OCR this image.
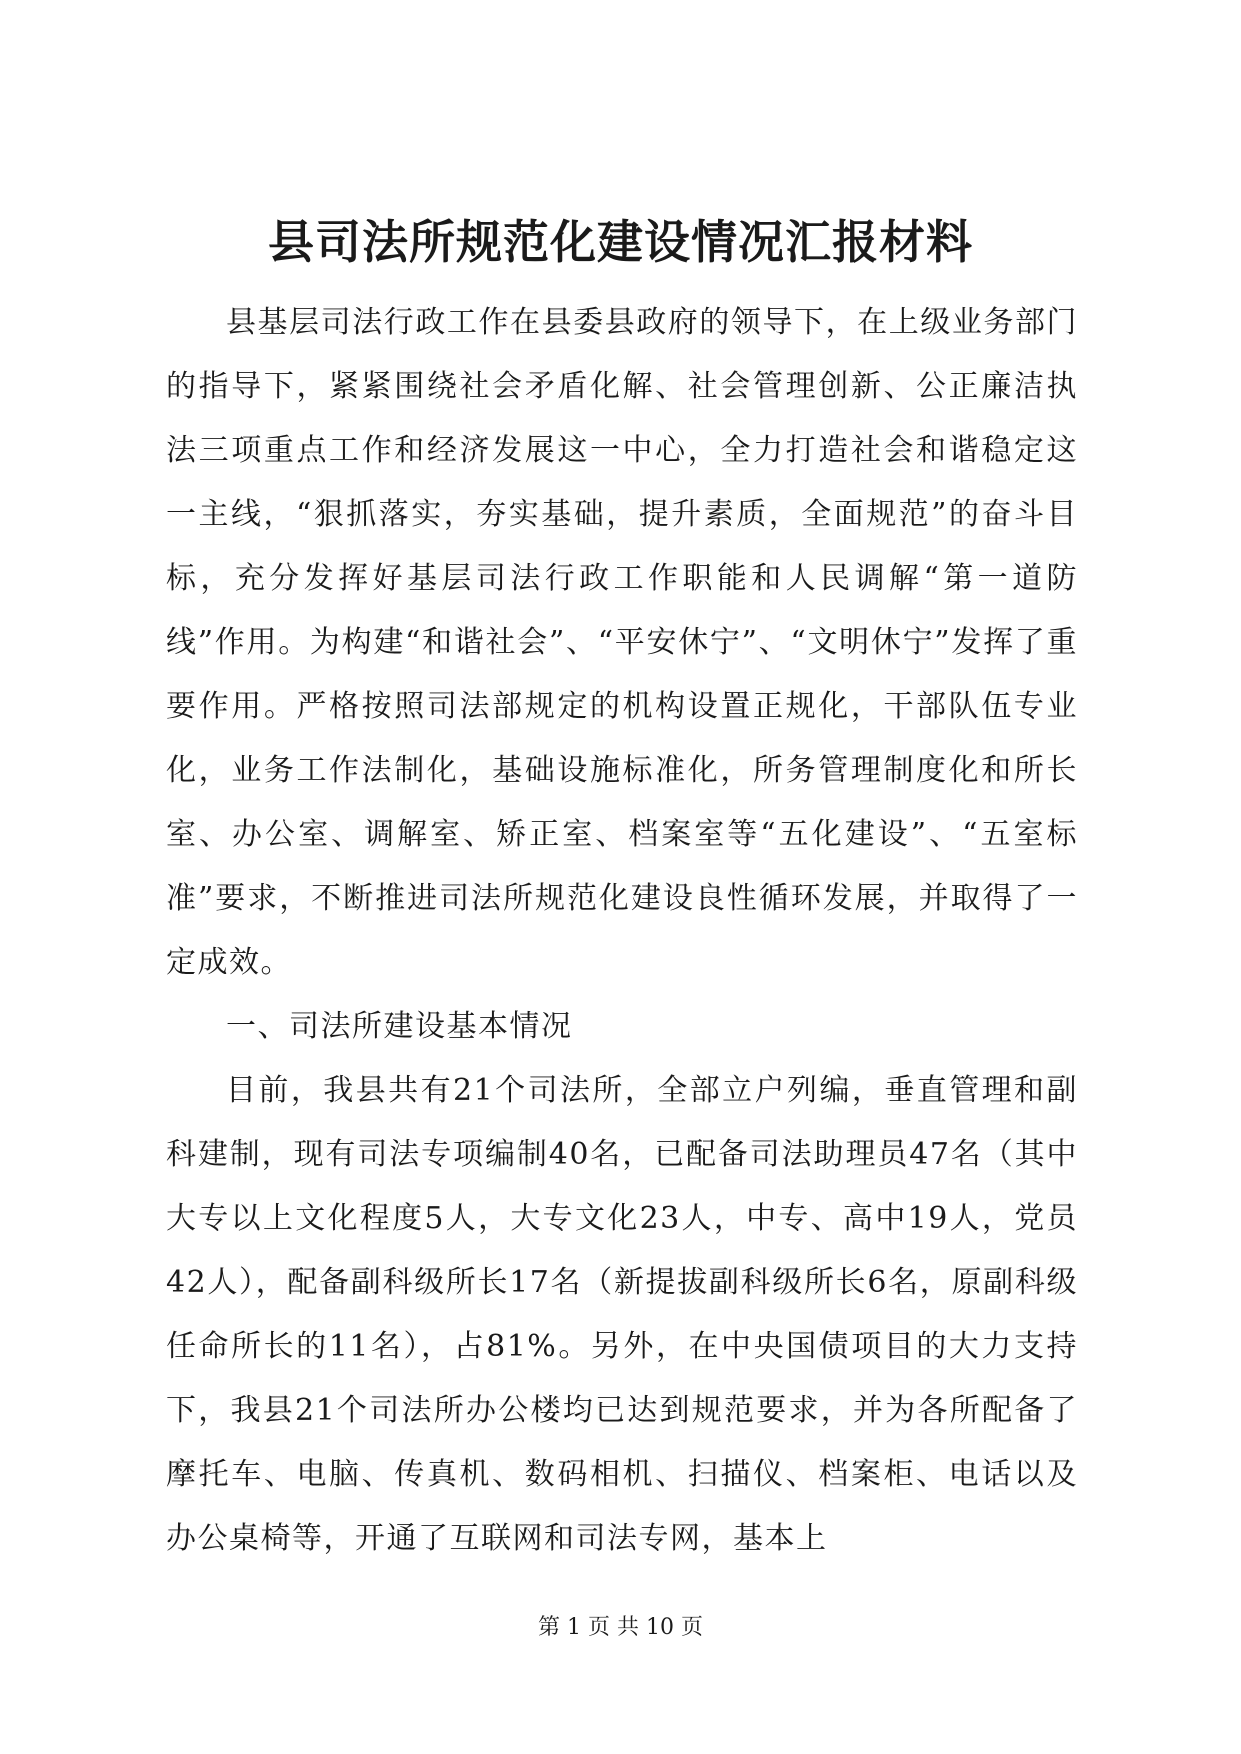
县司法所规范化建设情况汇报材料

县基层司法行政工作在县委县政府的领导下，在上级业务部门的指导下，紧紧围绕社会矛盾化解、社会管理创新、公正廉洁执法三项重点工作和经济发展这一中心，全力打造社会和谐稳定这一主线，“狠抓落实，夯实基础，提升素质，全面规范”的奋斗目标，充分发挥好基层司法行政工作职能和人民调解“第一道防线”作用。为构建“和谐社会”、“平安休宁”、“文明休宁”发挥了重要作用。严格按照司法部规定的机构设置正规化，干部队伍专业化，业务工作法制化，基础设施标准化，所务管理制度化和所长室、办公室、调解室、矫正室、档案室等“五化建设”、“五室标准”要求，不断推进司法所规范化建设良性循环发展，并取得了一定成效。

一、司法所建设基本情况

目前，我县共有21个司法所，全部立户列编，垂直管理和副科建制，现有司法专项编制40名，已配备司法助理员47名（其中大专以上文化程度5人，大专文化23人，中专、高中19人，党员42人），配备副科级所长17名（新提拔副科级所长6名，原副科级任命所长的11名），占81%。另外，在中央国债项目的大力支持下，我县21个司法所办公楼均已达到规范要求，并为各所配备了摩托车、电脑、传真机、数码相机、扫描仪、档案柜、电话以及办公桌椅等，开通了互联网和司法专网，基本上

第 1 页 共 10 页
